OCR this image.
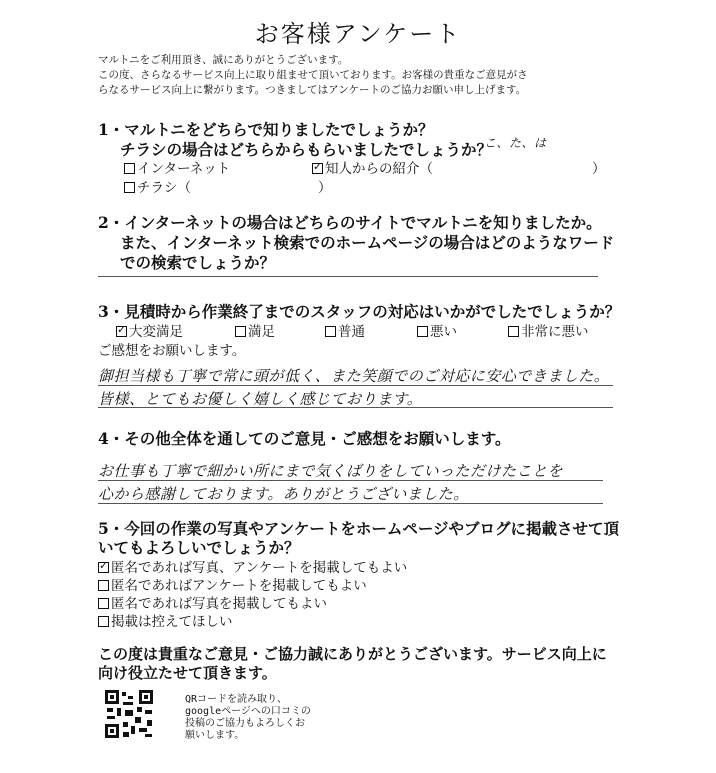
お客様アンケート
マルトニをご利用頂き、誠にありがとうございます。
この度、さらなるサービス向上に取り組ませて頂いております。お客様の貴重なご意見がさ
らなるサービス向上に繋がります。つきましてはアンケートのご協力お願い申し上げます。
1・マルトニをどちらで知りましたでしょうか？
チラシの場合はどちらからもらいましたでしょうか？
こ、た、は
インターネット
✓	知人からの紹介（	）
チラシ（	）
2・インターネットの場合はどちらのサイトでマルトニを知りましたか。
また、インターネット検索でのホームページの場合はどのようなワード
での検索でしょうか？
3・見積時から作業終了までのスタッフの対応はいかがでしたでしょうか？
✓大変満足	満足	普通	悪い	非常に悪い
ご感想をお願いします。
御担当様も丁寧で常に頭が低く、また笑顔でのご対応に安心できました。
皆様、とてもお優しく嬉しく感じております。
4・その他全体を通してのご意見・ご感想をお願いします。
お仕事も丁寧で細かい所にまで気くばりをしていっただけたことを
心から感謝しております。ありがとうございました。
5・今回の作業の写真やアンケートをホームページやブログに掲載させて頂
いてもよろしいでしょうか？
✓匿名であれば写真、アンケートを掲載してもよい
匿名であればアンケートを掲載してもよい
匿名であれば写真を掲載してもよい
掲載は控えてほしい
この度は貴重なご意見・ご協力誠にありがとうございます。サービス向上に
向け役立たせて頂きます。
QRコードを読み取り、
googleページへの口コミの
投稿のご協力もよろしくお
願いします。
